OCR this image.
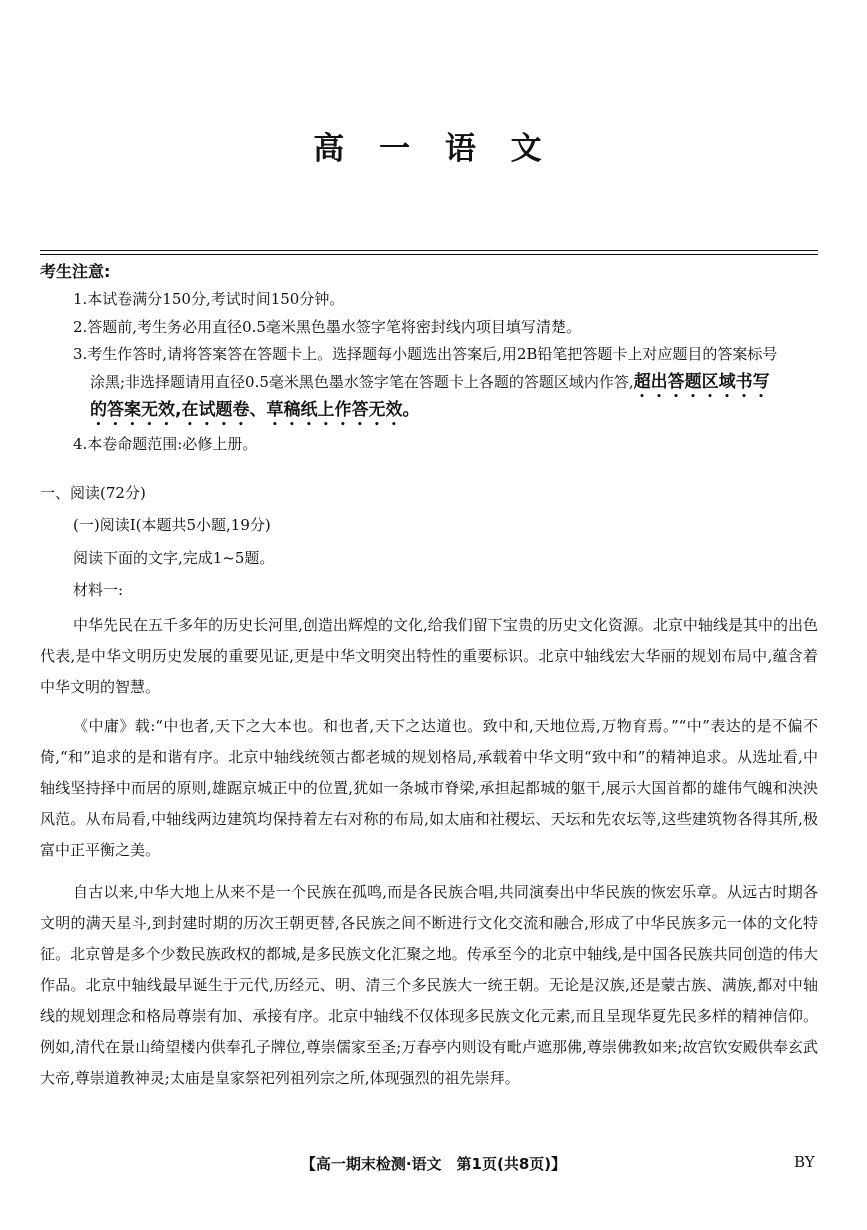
高 一 语 文
考生注意:
1.本试卷满分150分,考试时间150分钟。
2.答题前,考生务必用直径0.5毫米黑色墨水签字笔将密封线内项目填写清楚。
3.考生作答时,请将答案答在答题卡上。选择题每小题选出答案后,用2B铅笔把答题卡上对应题目的答案标号
涂黑;非选择题请用直径0.5毫米黑色墨水签字笔在答题卡上各题的答题区域内作答,超出答题区域书写
的答案无效,在试题卷、草稿纸上作答无效。
4.本卷命题范围:必修上册。
一、阅读(72分)
(一)阅读Ⅰ(本题共5小题,19分)
阅读下面的文字,完成1~5题。
材料一:
中华先民在五千多年的历史长河里,创造出辉煌的文化,给我们留下宝贵的历史文化资源。北京中轴线是其中的出色代表,是中华文明历史发展的重要见证,更是中华文明突出特性的重要标识。北京中轴线宏大华丽的规划布局中,蕴含着中华文明的智慧。
《中庸》载:“中也者,天下之大本也。和也者,天下之达道也。致中和,天地位焉,万物育焉。”“中”表达的是不偏不倚,“和”追求的是和谐有序。北京中轴线统领古都老城的规划格局,承载着中华文明“致中和”的精神追求。从选址看,中轴线坚持择中而居的原则,雄踞京城正中的位置,犹如一条城市脊梁,承担起都城的躯干,展示大国首都的雄伟气魄和泱泱风范。从布局看,中轴线两边建筑均保持着左右对称的布局,如太庙和社稷坛、天坛和先农坛等,这些建筑物各得其所,极富中正平衡之美。
自古以来,中华大地上从来不是一个民族在孤鸣,而是各民族合唱,共同演奏出中华民族的恢宏乐章。从远古时期各文明的满天星斗,到封建时期的历次王朝更替,各民族之间不断进行文化交流和融合,形成了中华民族多元一体的文化特征。北京曾是多个少数民族政权的都城,是多民族文化汇聚之地。传承至今的北京中轴线,是中国各民族共同创造的伟大作品。北京中轴线最早诞生于元代,历经元、明、清三个多民族大一统王朝。无论是汉族,还是蒙古族、满族,都对中轴线的规划理念和格局尊崇有加、承接有序。北京中轴线不仅体现多民族文化元素,而且呈现华夏先民多样的精神信仰。例如,清代在景山绮望楼内供奉孔子牌位,尊崇儒家至圣;万春亭内则设有毗卢遮那佛,尊崇佛教如来;故宫钦安殿供奉玄武大帝,尊崇道教神灵;太庙是皇家祭祀列祖列宗之所,体现强烈的祖先崇拜。
【高一期末检测·语文　第1页(共8页)】	BY
